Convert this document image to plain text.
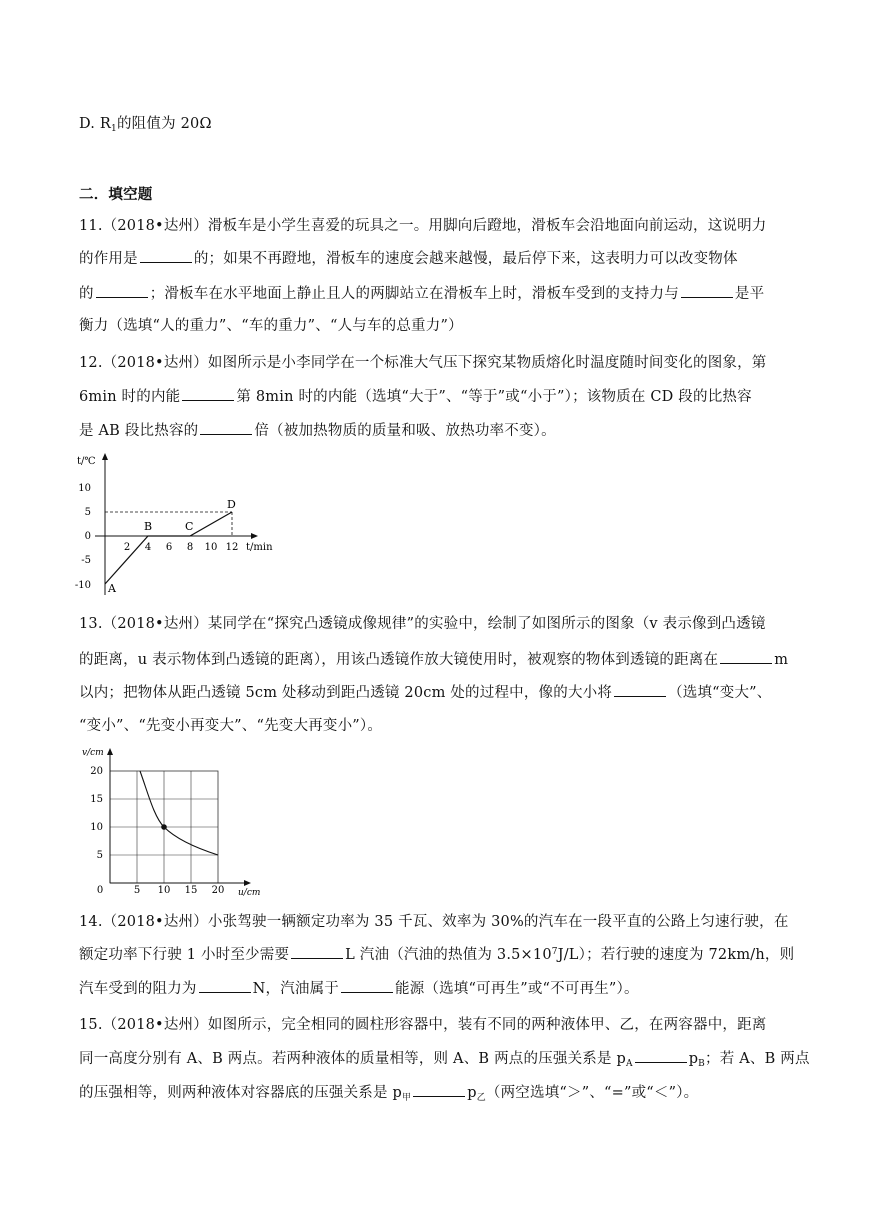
D. $R_1$的阻值为 20Ω
二．填空题
11.（2018•达州）滑板车是小学生喜爱的玩具之一。用脚向后蹬地，滑板车会沿地面向前运动，这说明力
的作用是	的；如果不再蹬地，滑板车的速度会越来越慢，最后停下来，这表明力可以改变物体
的	；滑板车在水平地面上静止且人的两脚站立在滑板车上时，滑板车受到的支持力与	是平
衡力（选填“人的重力”、“车的重力”、“人与车的总重力”）
12.（2018•达州）如图所示是小李同学在一个标准大气压下探究某物质熔化时温度随时间变化的图象，第
6min 时的内能	第 8min 时的内能（选填“大于”、“等于”或“小于”）；该物质在 CD 段的比热容
是 AB 段比热容的	倍（被加热物质的质量和吸、放热功率不变）。
t/℃
t/min
10
5
0
-5
-10
2 4 6 8 10 12
A
B	C
D
13.（2018•达州）某同学在“探究凸透镜成像规律”的实验中，绘制了如图所示的图象（v 表示像到凸透镜
的距离，u 表示物体到凸透镜的距离），用该凸透镜作放大镜使用时，被观察的物体到透镜的距离在	m
以内；把物体从距凸透镜 5cm 处移动到距凸透镜 20cm 处的过程中，像的大小将	（选填“变大”、
“变小”、“先变小再变大”、“先变大再变小”）。
v/cm
u/cm
20
15
10
5
0	5 10 15 20
14.（2018•达州）小张驾驶一辆额定功率为 35 千瓦、效率为 30%的汽车在一段平直的公路上匀速行驶，在
额定功率下行驶 1 小时至少需要	L 汽油（汽油的热值为 $3.5\times 10^7J/L$）；若行驶的速度为 72km/h，则
汽车受到的阻力为	N，汽油属于	能源（选填“可再生”或“不可再生”）。
15.（2018•达州）如图所示，完全相同的圆柱形容器中，装有不同的两种液体甲、乙，在两容器中，距离
同一高度分别有 A、B 两点。若两种液体的质量相等，则 A、B 两点的压强关系是 $p_A$	$p_B$；若 A、B 两点
的压强相等，则两种液体对容器底的压强关系是 $p_甲$	$p_乙$（两空选填“＞”、“=”或“＜”）。
